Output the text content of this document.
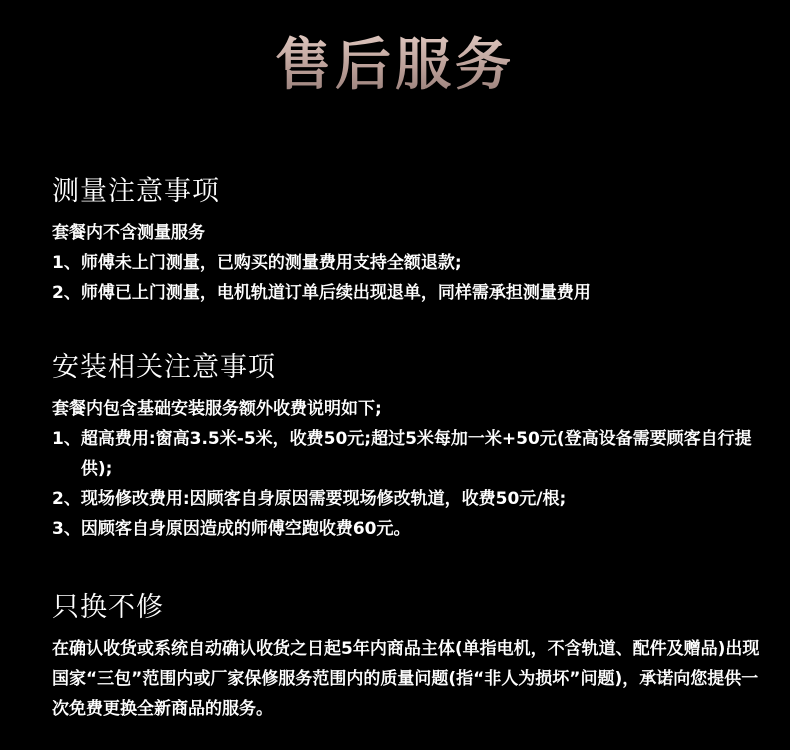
售后服务
测量注意事项
套餐内不含测量服务
1、 师傅未上门测量，已购买的测量费用支持全额退款;
2、 师傅已上门测量，电机轨道订单后续出现退单，同样需承担测量费用
安装相关注意事项
套餐内包含基础安装服务额外收费说明如下;
1、 超高费用:窗高3.5米-5米，收费50元;超过5米每加一米+50元(登高设备需要顾客自行提供);
2、 现场修改费用:因顾客自身原因需要现场修改轨道，收费50元/根;
3、 因顾客自身原因造成的师傅空跑收费60元。
只换不修
在确认收货或系统自动确认收货之日起5年内商品主体(单指电机，不含轨道、配件及赠品)出现国家“三包”范围内或厂家保修服务范围内的质量问题(指“非人为损坏”问题)，承诺向您提供一次免费更换全新商品的服务。
